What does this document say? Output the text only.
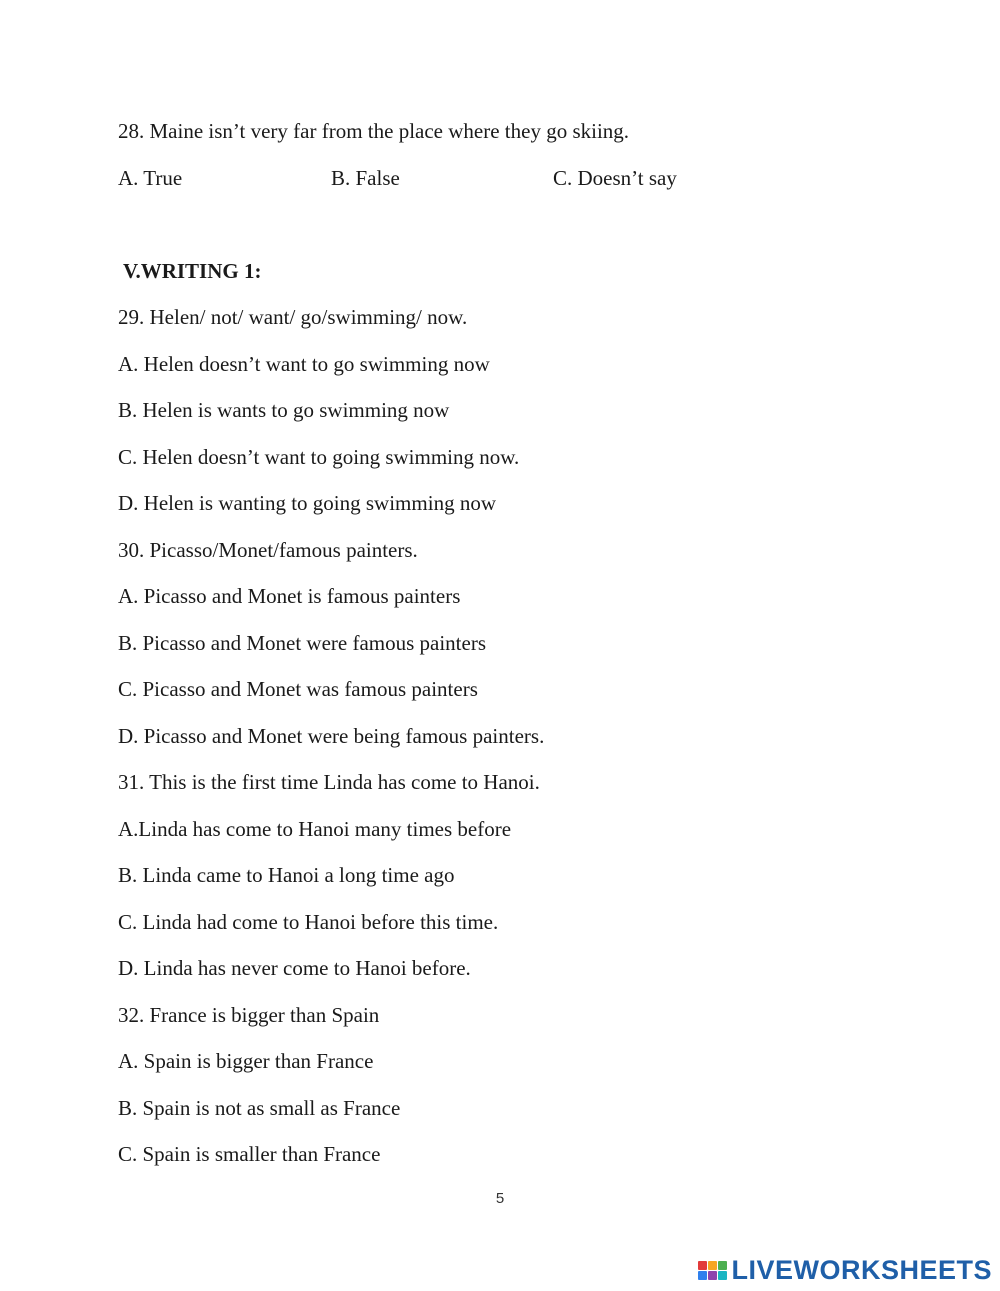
28. Maine isn’t very far from the place where they go skiing.
A. True	B. False	C. Doesn’t say
V.WRITING 1:
29. Helen/ not/ want/ go/swimming/ now.
A. Helen doesn’t want to go swimming now
B. Helen is wants to go swimming now
C. Helen doesn’t want to going swimming now.
D. Helen is wanting to going swimming now
30. Picasso/Monet/famous painters.
A. Picasso and Monet is famous painters
B. Picasso and Monet were famous painters
C. Picasso and Monet was famous painters
D. Picasso and Monet were being famous painters.
31. This is the first time Linda has come to Hanoi.
A.Linda has come to Hanoi many times before
B. Linda came to Hanoi a long time ago
C. Linda had come to Hanoi before this time.
D. Linda has never come to Hanoi before.
32. France is bigger than Spain
A. Spain is bigger than France
B. Spain is not as small as France
C. Spain is smaller than France
5
LIVEWORKSHEETS
